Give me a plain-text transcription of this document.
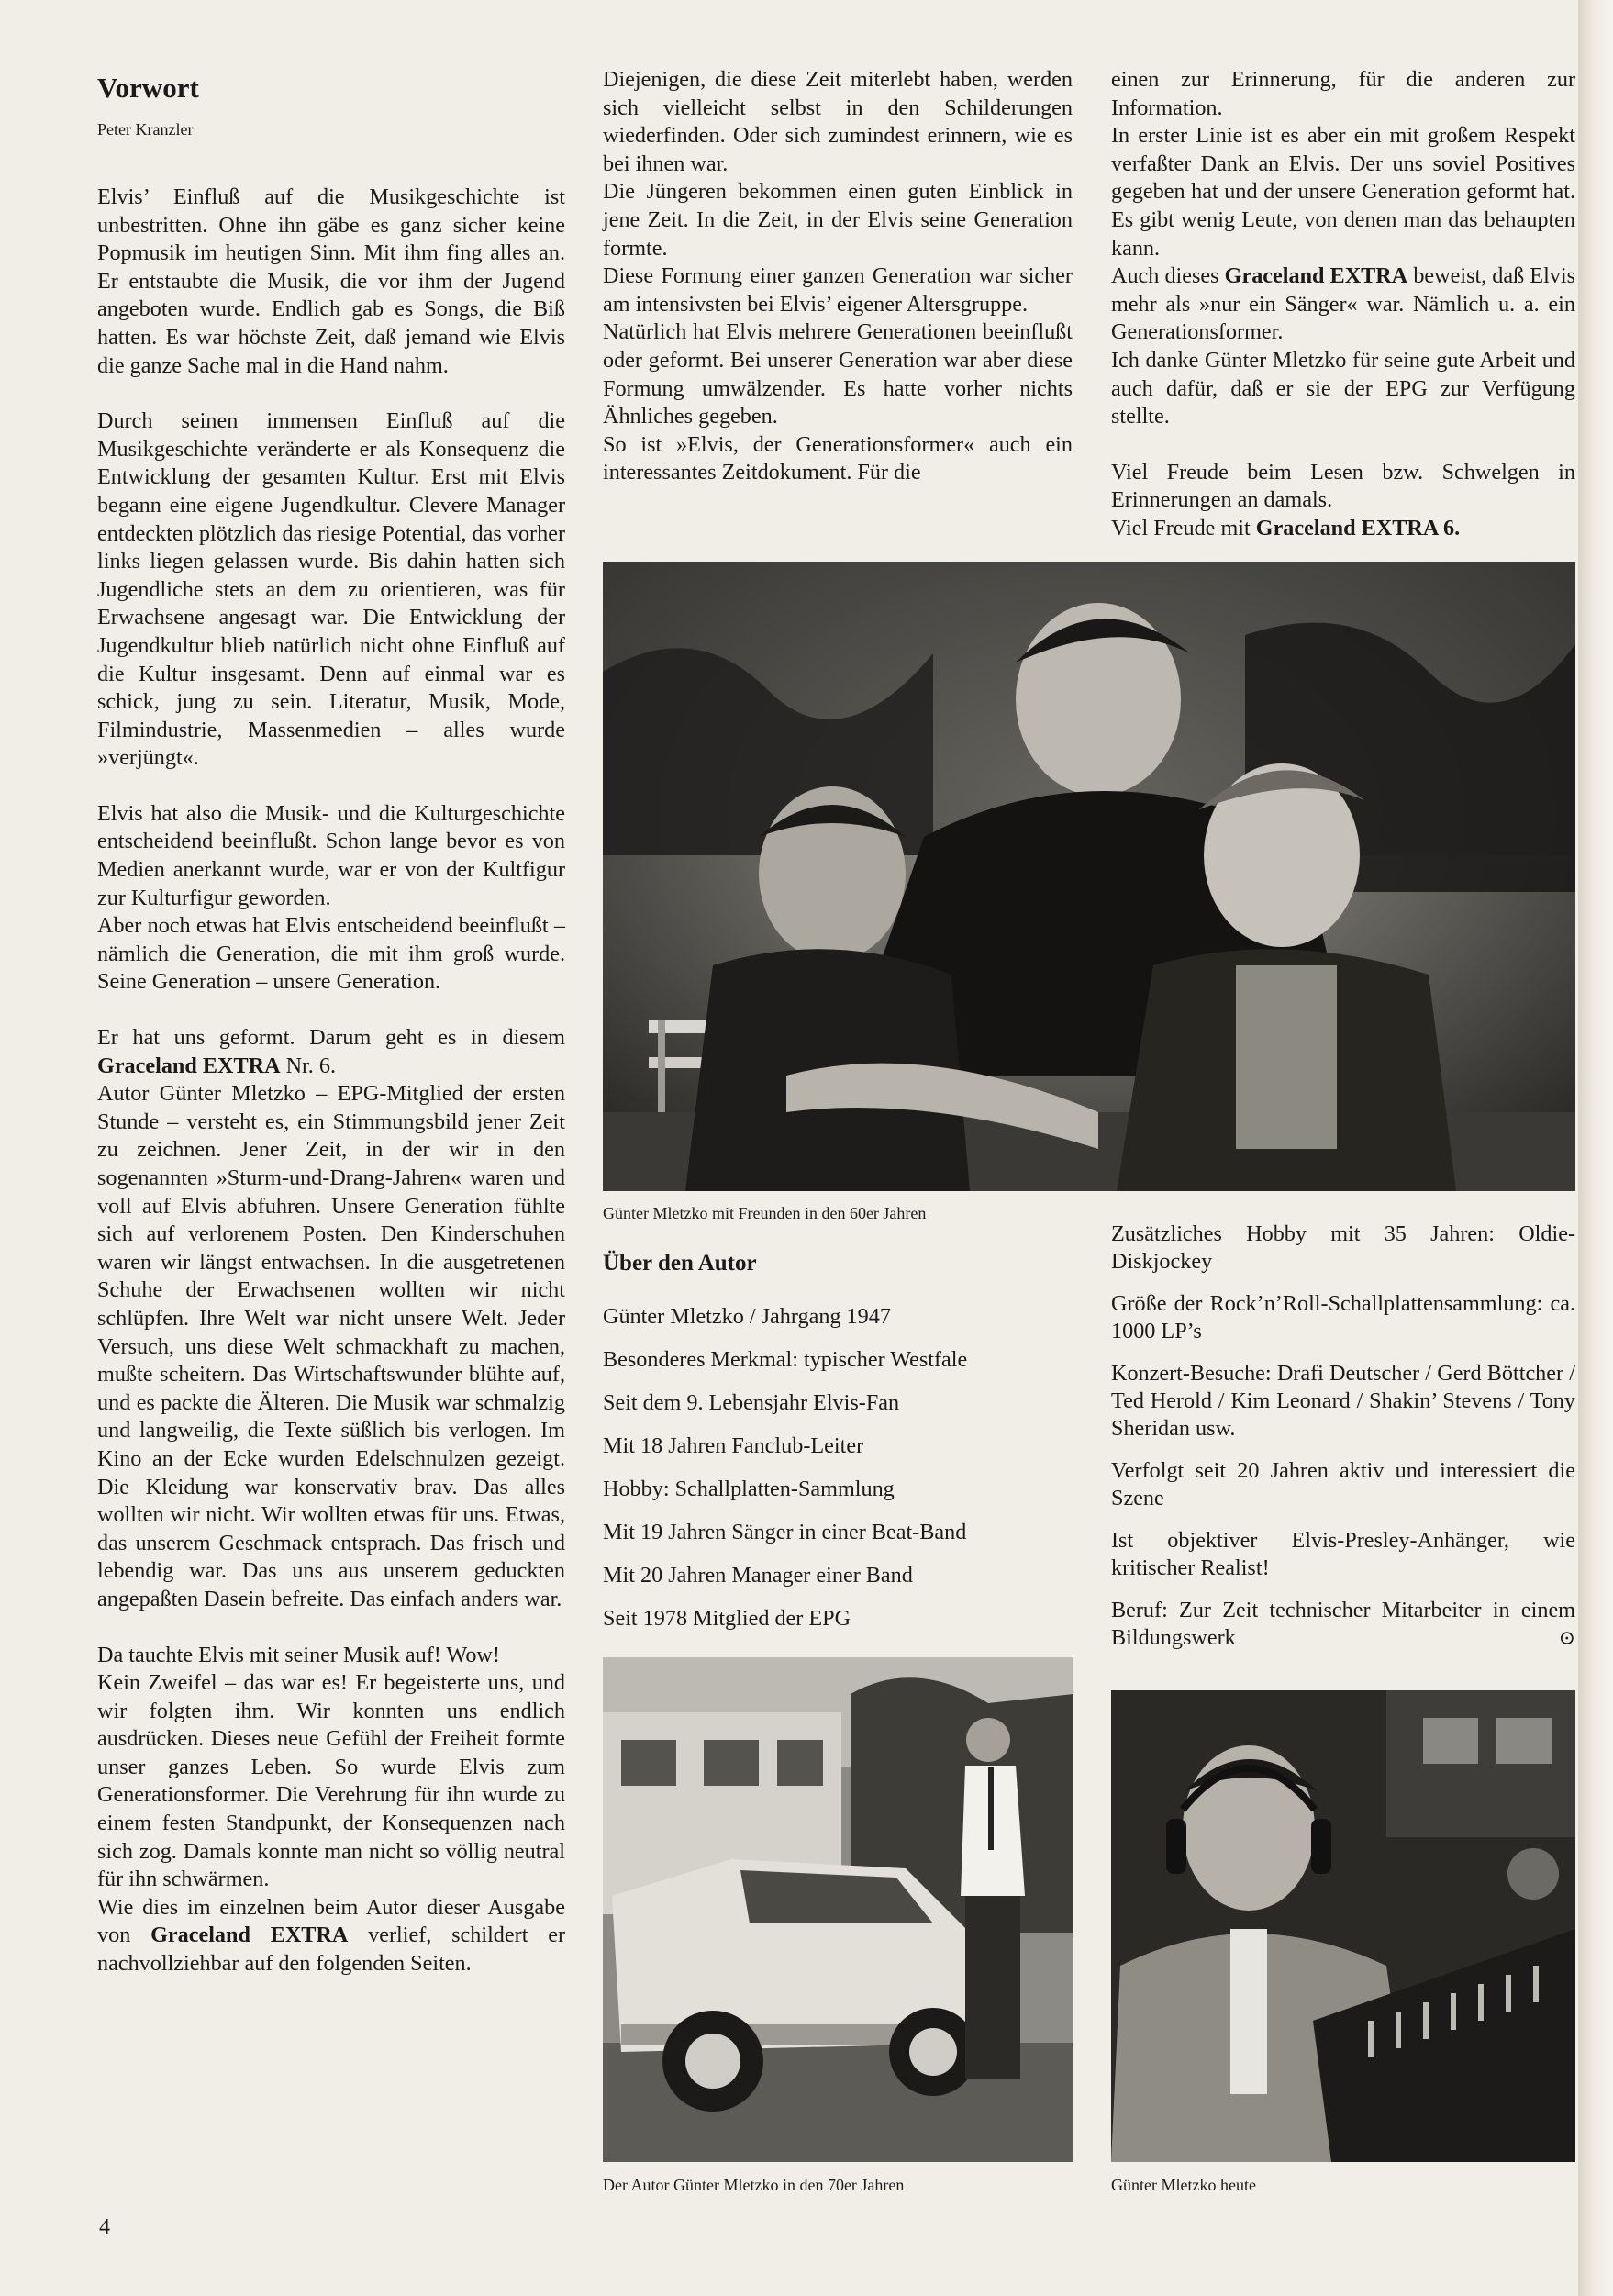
Vorwort
Peter Kranzler

Elvis’ Einfluß auf die Musikgeschichte ist unbestritten. Ohne ihn gäbe es ganz sicher keine Popmusik im heutigen Sinn. Mit ihm fing alles an. Er entstaubte die Musik, die vor ihm der Jugend angeboten wurde. Endlich gab es Songs, die Biß hatten. Es war höchste Zeit, daß jemand wie Elvis die ganze Sache mal in die Hand nahm.

Durch seinen immensen Einfluß auf die Musikgeschichte veränderte er als Konsequenz die Entwicklung der gesamten Kultur. Erst mit Elvis begann eine eigene Jugendkultur. Clevere Manager entdeckten plötzlich das riesige Potential, das vorher links liegen gelassen wurde. Bis dahin hatten sich Jugendliche stets an dem zu orientieren, was für Erwachsene angesagt war. Die Entwicklung der Jugendkultur blieb natürlich nicht ohne Einfluß auf die Kultur insgesamt. Denn auf einmal war es schick, jung zu sein. Literatur, Musik, Mode, Filmindustrie, Massenmedien – alles wurde »verjüngt«.

Elvis hat also die Musik- und die Kulturgeschichte entscheidend beeinflußt. Schon lange bevor es von Medien anerkannt wurde, war er von der Kultfigur zur Kulturfigur geworden.

Aber noch etwas hat Elvis entscheidend beeinflußt – nämlich die Generation, die mit ihm groß wurde. Seine Generation – unsere Generation.

Er hat uns geformt. Darum geht es in diesem Graceland EXTRA Nr. 6.

Autor Günter Mletzko – EPG-Mitglied der ersten Stunde – versteht es, ein Stimmungsbild jener Zeit zu zeichnen. Jener Zeit, in der wir in den sogenannten »Sturm-und-Drang-Jahren« waren und voll auf Elvis abfuhren. Unsere Generation fühlte sich auf verlorenem Posten. Den Kinderschuhen waren wir längst entwachsen. In die ausgetretenen Schuhe der Erwachsenen wollten wir nicht schlüpfen. Ihre Welt war nicht unsere Welt. Jeder Versuch, uns diese Welt schmackhaft zu machen, mußte scheitern. Das Wirtschaftswunder blühte auf, und es packte die Älteren. Die Musik war schmalzig und langweilig, die Texte süßlich bis verlogen. Im Kino an der Ecke wurden Edelschnulzen gezeigt. Die Kleidung war konservativ brav. Das alles wollten wir nicht. Wir wollten etwas für uns. Etwas, das unserem Geschmack entsprach. Das frisch und lebendig war. Das uns aus unserem geduckten angepaßten Dasein befreite. Das einfach anders war.

Da tauchte Elvis mit seiner Musik auf! Wow!

Kein Zweifel – das war es! Er begeisterte uns, und wir folgten ihm. Wir konnten uns endlich ausdrücken. Dieses neue Gefühl der Freiheit formte unser ganzes Leben. So wurde Elvis zum Generationsformer. Die Verehrung für ihn wurde zu einem festen Standpunkt, der Konsequenzen nach sich zog. Damals konnte man nicht so völlig neutral für ihn schwärmen.

Wie dies im einzelnen beim Autor dieser Ausgabe von Graceland EXTRA verlief, schildert er nachvollziehbar auf den folgenden Seiten.

Diejenigen, die diese Zeit miterlebt haben, werden sich vielleicht selbst in den Schilderungen wiederfinden. Oder sich zumindest erinnern, wie es bei ihnen war.

Die Jüngeren bekommen einen guten Einblick in jene Zeit. In die Zeit, in der Elvis seine Generation formte.

Diese Formung einer ganzen Generation war sicher am intensivsten bei Elvis’ eigener Altersgruppe.

Natürlich hat Elvis mehrere Generationen beeinflußt oder geformt. Bei unserer Generation war aber diese Formung umwälzender. Es hatte vorher nichts Ähnliches gegeben.

So ist »Elvis, der Generationsformer« auch ein interessantes Zeitdokument. Für die

einen zur Erinnerung, für die anderen zur Information.

In erster Linie ist es aber ein mit großem Respekt verfaßter Dank an Elvis. Der uns soviel Positives gegeben hat und der unsere Generation geformt hat. Es gibt wenig Leute, von denen man das behaupten kann.

Auch dieses Graceland EXTRA beweist, daß Elvis mehr als »nur ein Sänger« war. Nämlich u. a. ein Generationsformer.

Ich danke Günter Mletzko für seine gute Arbeit und auch dafür, daß er sie der EPG zur Verfügung stellte.

Viel Freude beim Lesen bzw. Schwelgen in Erinnerungen an damals.

Viel Freude mit Graceland EXTRA 6.

Günter Mletzko mit Freunden in den 60er Jahren
Über den Autor
Günter Mletzko / Jahrgang 1947
Besonderes Merkmal: typischer Westfale
Seit dem 9. Lebensjahr Elvis-Fan
Mit 18 Jahren Fanclub-Leiter
Hobby: Schallplatten-Sammlung
Mit 19 Jahren Sänger in einer Beat-Band
Mit 20 Jahren Manager einer Band
Seit 1978 Mitglied der EPG
Zusätzliches Hobby mit 35 Jahren: Oldie-Diskjockey
Größe der Rock’n’Roll-Schallplattensammlung: ca. 1000 LP’s
Konzert-Besuche: Drafi Deutscher / Gerd Böttcher / Ted Herold / Kim Leonard / Shakin’ Stevens / Tony Sheridan usw.
Verfolgt seit 20 Jahren aktiv und interessiert die Szene
Ist objektiver Elvis-Presley-Anhänger, wie kritischer Realist!
Beruf: Zur Zeit technischer Mitarbeiter in einem Bildungswerk	⊙
Der Autor Günter Mletzko in den 70er Jahren	Günter Mletzko heute
4
